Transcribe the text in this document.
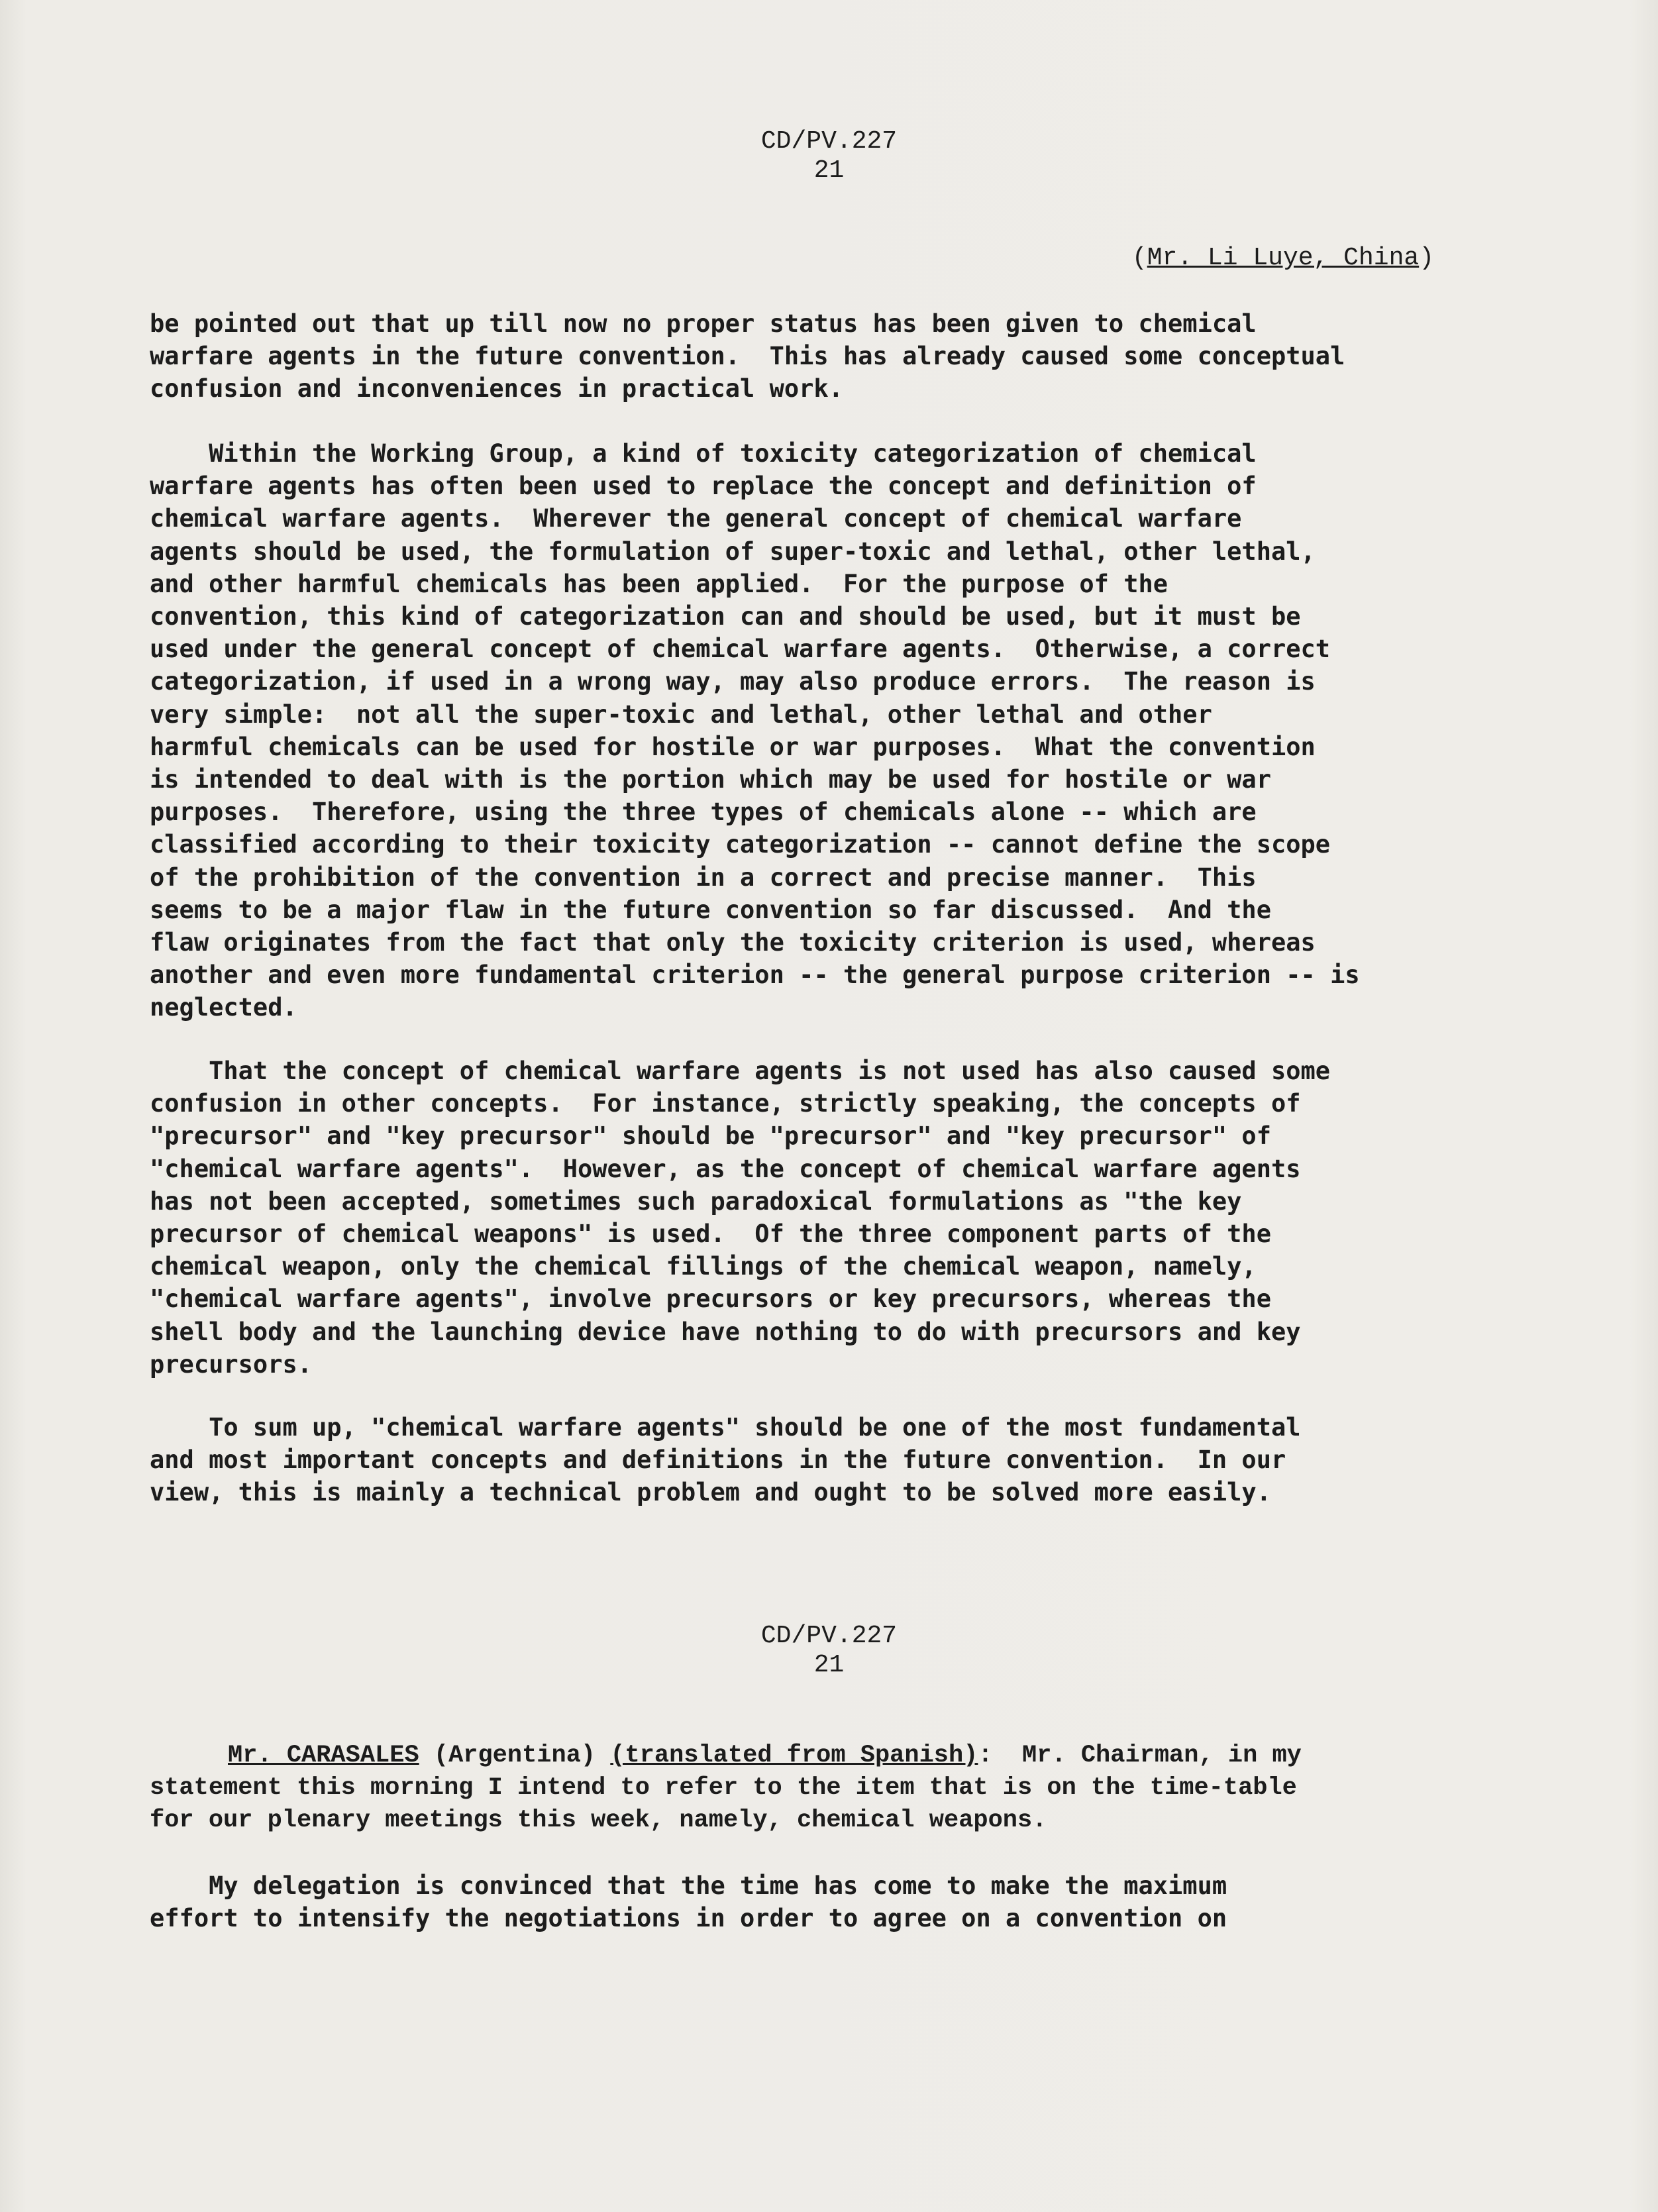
CD/PV.227
21
(Mr. Li Luye, China)
be pointed out that up till now no proper status has been given to chemical
warfare agents in the future convention.  This has already caused some conceptual
confusion and inconveniences in practical work.
Within the Working Group, a kind of toxicity categorization of chemical
warfare agents has often been used to replace the concept and definition of
chemical warfare agents.  Wherever the general concept of chemical warfare
agents should be used, the formulation of super-toxic and lethal, other lethal,
and other harmful chemicals has been applied.  For the purpose of the
convention, this kind of categorization can and should be used, but it must be
used under the general concept of chemical warfare agents.  Otherwise, a correct
categorization, if used in a wrong way, may also produce errors.  The reason is
very simple:  not all the super-toxic and lethal, other lethal and other
harmful chemicals can be used for hostile or war purposes.  What the convention
is intended to deal with is the portion which may be used for hostile or war
purposes.  Therefore, using the three types of chemicals alone -- which are
classified according to their toxicity categorization -- cannot define the scope
of the prohibition of the convention in a correct and precise manner.  This
seems to be a major flaw in the future convention so far discussed.  And the
flaw originates from the fact that only the toxicity criterion is used, whereas
another and even more fundamental criterion -- the general purpose criterion -- is
neglected.
That the concept of chemical warfare agents is not used has also caused some
confusion in other concepts.  For instance, strictly speaking, the concepts of
"precursor" and "key precursor" should be "precursor" and "key precursor" of
"chemical warfare agents".  However, as the concept of chemical warfare agents
has not been accepted, sometimes such paradoxical formulations as "the key
precursor of chemical weapons" is used.  Of the three component parts of the
chemical weapon, only the chemical fillings of the chemical weapon, namely,
"chemical warfare agents", involve precursors or key precursors, whereas the
shell body and the launching device have nothing to do with precursors and key
precursors.
To sum up, "chemical warfare agents" should be one of the most fundamental
and most important concepts and definitions in the future convention.  In our
view, this is mainly a technical problem and ought to be solved more easily.
CD/PV.227
21
Mr. CARASALES (Argentina) (translated from Spanish):  Mr. Chairman, in my
statement this morning I intend to refer to the item that is on the time-table
for our plenary meetings this week, namely, chemical weapons.
My delegation is convinced that the time has come to make the maximum
effort to intensify the negotiations in order to agree on a convention on
